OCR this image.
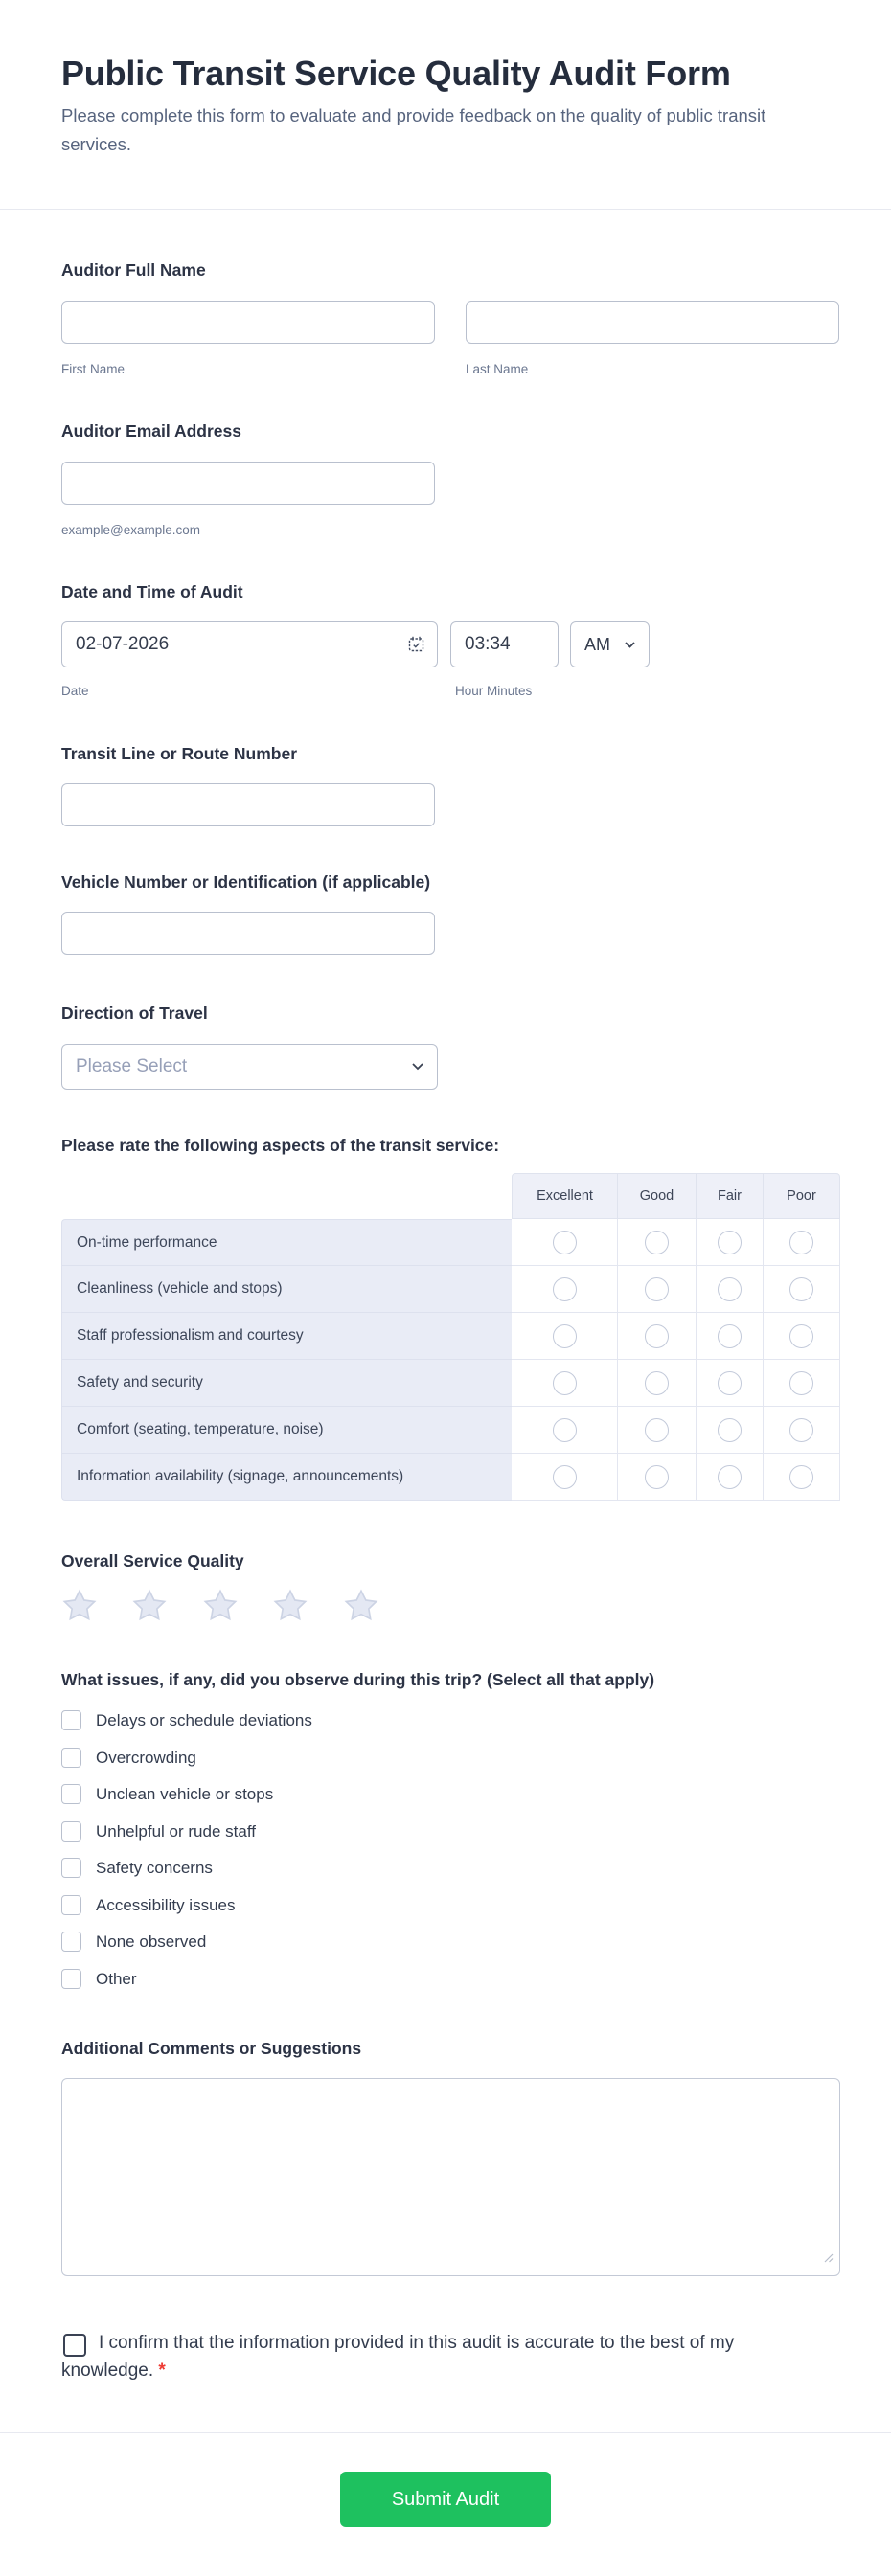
Public Transit Service Quality Audit Form
Please complete this form to evaluate and provide feedback on the quality of public transit services.
Auditor Full Name
First Name	Last Name
Auditor Email Address
example@example.com
Date and Time of Audit
02-07-2026
03:34
AM
Date	Hour Minutes
Transit Line or Route Number
Vehicle Number or Identification (if applicable)
Direction of Travel
Please Select
Please rate the following aspects of the transit service:
Excellent	Good	Fair	Poor
On-time performance
Cleanliness (vehicle and stops)
Staff professionalism and courtesy
Safety and security
Comfort (seating, temperature, noise)
Information availability (signage, announcements)
Overall Service Quality

What issues, if any, did you observe during this trip? (Select all that apply)
Delays or schedule deviations
Overcrowding
Unclean vehicle or stops
Unhelpful or rude staff
Safety concerns
Accessibility issues
None observed
Other
Additional Comments or Suggestions
I confirm that the information provided in this audit is accurate to the best of my knowledge. *
Submit Audit
